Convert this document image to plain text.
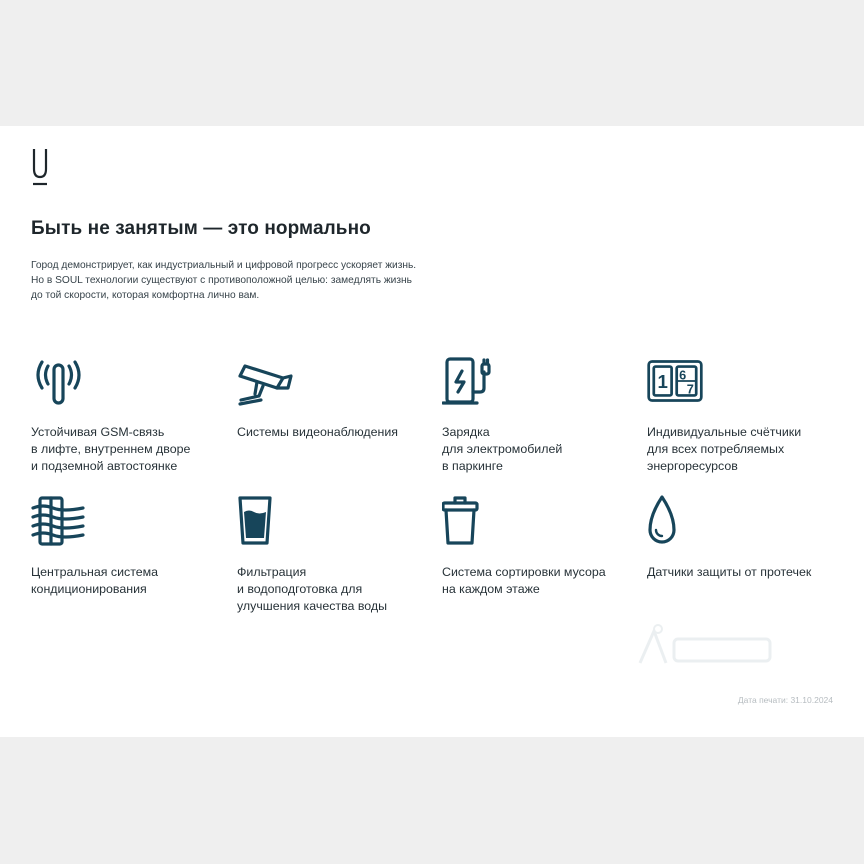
Быть не занятым — это нормально
Город демонстрирует, как индустриальный и цифровой прогресс ускоряет жизнь.
Но в SOUL технологии существуют с противоположной целью: замедлять жизнь
до той скорости, которая комфортна лично вам.
Устойчивая GSM-связь
в лифте, внутреннем дворе
и подземной автостоянке
Системы видеонаблюдения	Зарядка
для электромобилей
в паркинге
1 6
7
Индивидуальные счётчики
для всех потребляемых
энергоресурсов
Центральная система
кондиционирования
Фильтрация
и водоподготовка для
улучшения качества воды
Система сортировки мусора
на каждом этаже
Датчики защиты от протечек
Дата печати: 31.10.2024
